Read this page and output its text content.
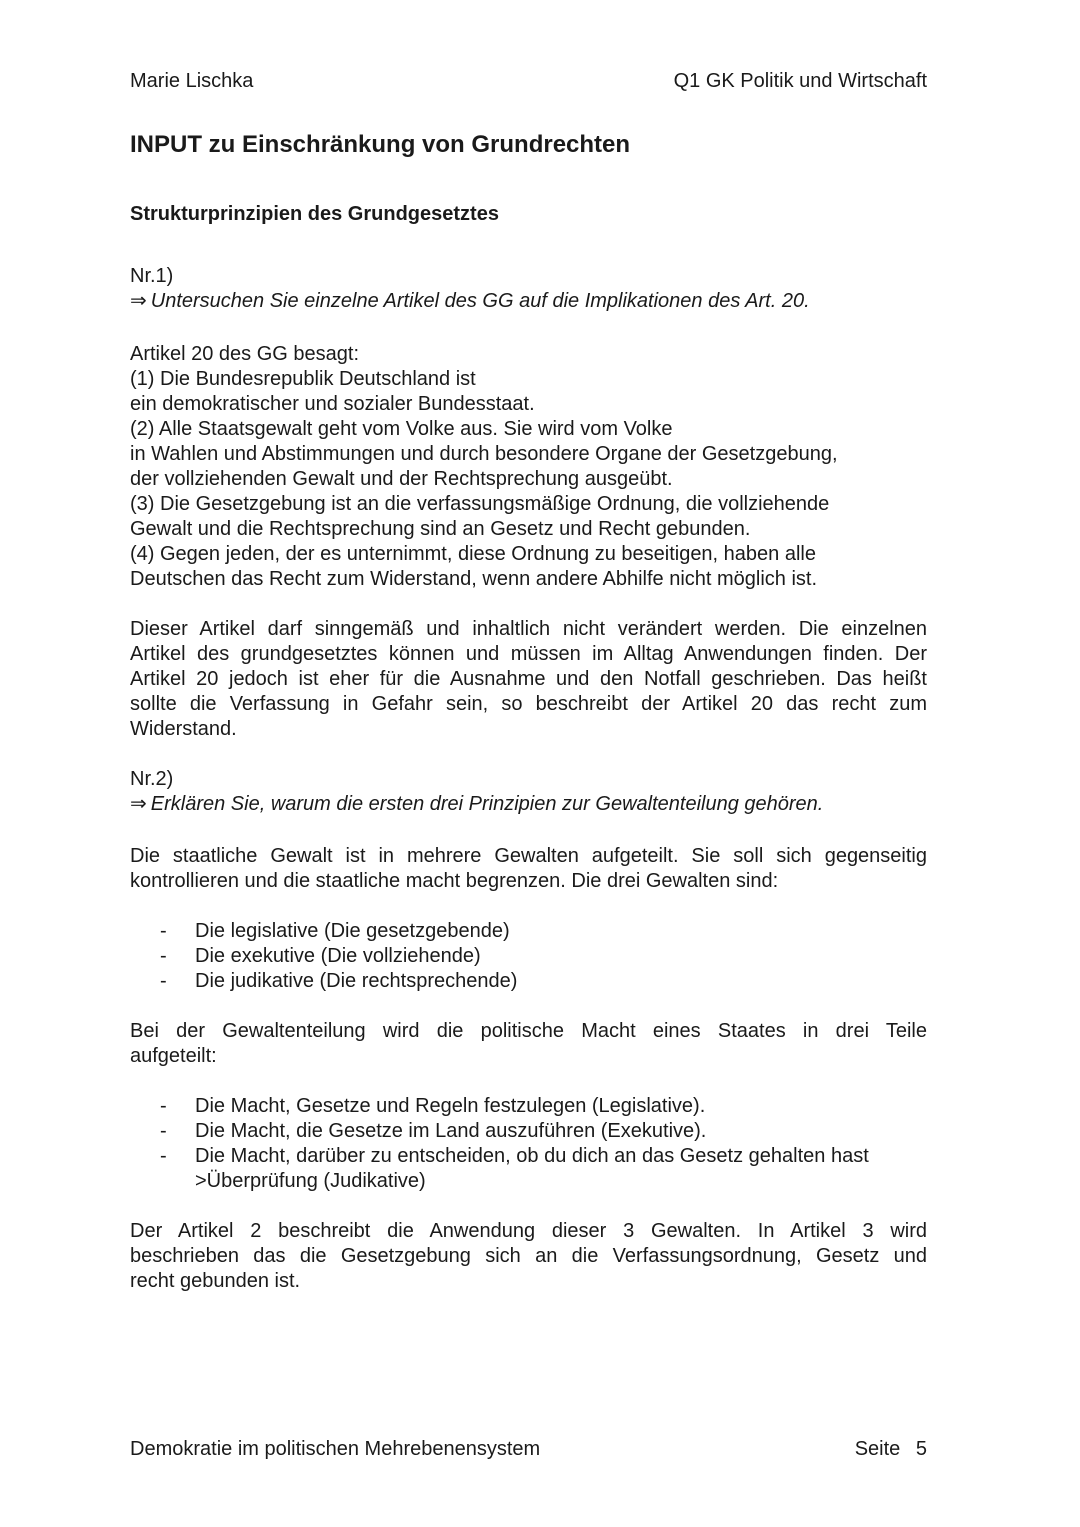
Marie Lischka	Q1 GK Politik und Wirtschaft
INPUT zu Einschränkung von Grundrechten
Strukturprinzipien des Grundgesetztes
Nr.1)
⇒ Untersuchen Sie einzelne Artikel des GG auf die Implikationen des Art. 20.
Artikel 20 des GG besagt:
(1) Die Bundesrepublik Deutschland ist
ein demokratischer und sozialer Bundesstaat.
(2) Alle Staatsgewalt geht vom Volke aus. Sie wird vom Volke
in Wahlen und Abstimmungen und durch besondere Organe der Gesetzgebung,
der vollziehenden Gewalt und der Rechtsprechung ausgeübt.
(3) Die Gesetzgebung ist an die verfassungsmäßige Ordnung, die vollziehende
Gewalt und die Rechtsprechung sind an Gesetz und Recht gebunden.
(4) Gegen jeden, der es unternimmt, diese Ordnung zu beseitigen, haben alle
Deutschen das Recht zum Widerstand, wenn andere Abhilfe nicht möglich ist.
Dieser Artikel darf sinngemäß und inhaltlich nicht verändert werden. Die einzelnen
Artikel des grundgesetztes können und müssen im Alltag Anwendungen finden. Der
Artikel 20 jedoch ist eher für die Ausnahme und den Notfall geschrieben. Das heißt
sollte die Verfassung in Gefahr sein, so beschreibt der Artikel 20 das recht zum
Widerstand.
Nr.2)
⇒ Erklären Sie, warum die ersten drei Prinzipien zur Gewaltenteilung gehören.
Die staatliche Gewalt ist in mehrere Gewalten aufgeteilt. Sie soll sich gegenseitig
kontrollieren und die staatliche macht begrenzen. Die drei Gewalten sind:
- Die legislative (Die gesetzgebende)
- Die exekutive (Die vollziehende)
- Die judikative (Die rechtsprechende)
Bei der Gewaltenteilung wird die politische Macht eines Staates in drei Teile
aufgeteilt:
- Die Macht, Gesetze und Regeln festzulegen (Legislative).
- Die Macht, die Gesetze im Land auszuführen (Exekutive).
- Die Macht, darüber zu entscheiden, ob du dich an das Gesetz gehalten hast
>Überprüfung (Judikative)
Der Artikel 2 beschreibt die Anwendung dieser 3 Gewalten. In Artikel 3 wird
beschrieben das die Gesetzgebung sich an die Verfassungsordnung, Gesetz und
recht gebunden ist.
Demokratie im politischen Mehrebenensystem	Seite 5
